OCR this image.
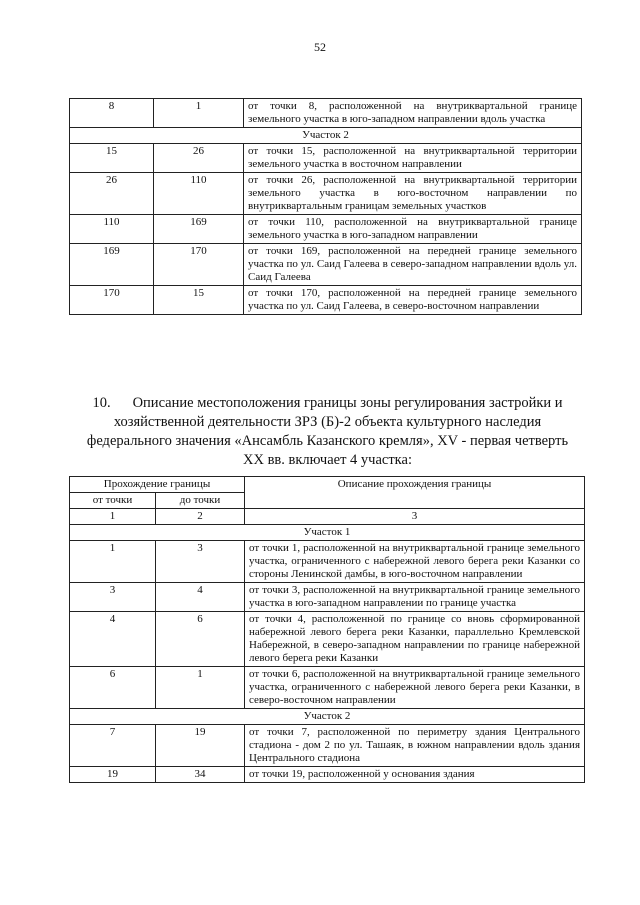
52
8	1	от точки 8, расположенной на внутриквартальной границе земельного участка в юго-западном направлении вдоль участка
Участок 2		
15	26	от точки 15, расположенной на внутриквартальной территории земельного участка в восточном направлении
26	110	от точки 26, расположенной на внутриквартальной территории земельного участка в юго-восточном направлении по внутриквартальным границам земельных участков
110	169	от точки 110, расположенной на внутриквартальной границе земельного участка в юго-западном направлении
169	170	от точки 169, расположенной на передней границе земельного участка по ул. Саид Галеева в северо-западном направлении вдоль ул. Саид Галеева
170	15	от точки 170, расположенной на передней границе земельного участка по ул. Саид Галеева, в северо-восточном направлении
10. Описание местоположения границы зоны регулирования застройки и хозяйственной деятельности ЗРЗ (Б)-2 объекта культурного наследия федерального значения «Ансамбль Казанского кремля», XV - первая четверть XX вв. включает 4 участка:
Прохождение границы		Описание прохождения границы
от точки	до точки	
1	2	3
Участок 1		
1	3	от точки 1, расположенной на внутриквартальной границе земельного участка, ограниченного с набережной левого берега реки Казанки со стороны Ленинской дамбы, в юго-восточном направлении
3	4	от точки 3, расположенной на внутриквартальной границе земельного участка в юго-западном направлении по границе участка
4	6	от точки 4, расположенной по границе со вновь сформированной набережной левого берега реки Казанки, параллельно Кремлевской Набережной, в северо-западном направлении по границе набережной левого берега реки Казанки
6	1	от точки 6, расположенной на внутриквартальной границе земельного участка, ограниченного с набережной левого берега реки Казанки, в северо-восточном направлении
Участок 2		
7	19	от точки 7, расположенной по периметру здания Центрального стадиона - дом 2 по ул. Ташаяк, в южном направлении вдоль здания Центрального стадиона
19	34	от точки 19, расположенной у основания здания
